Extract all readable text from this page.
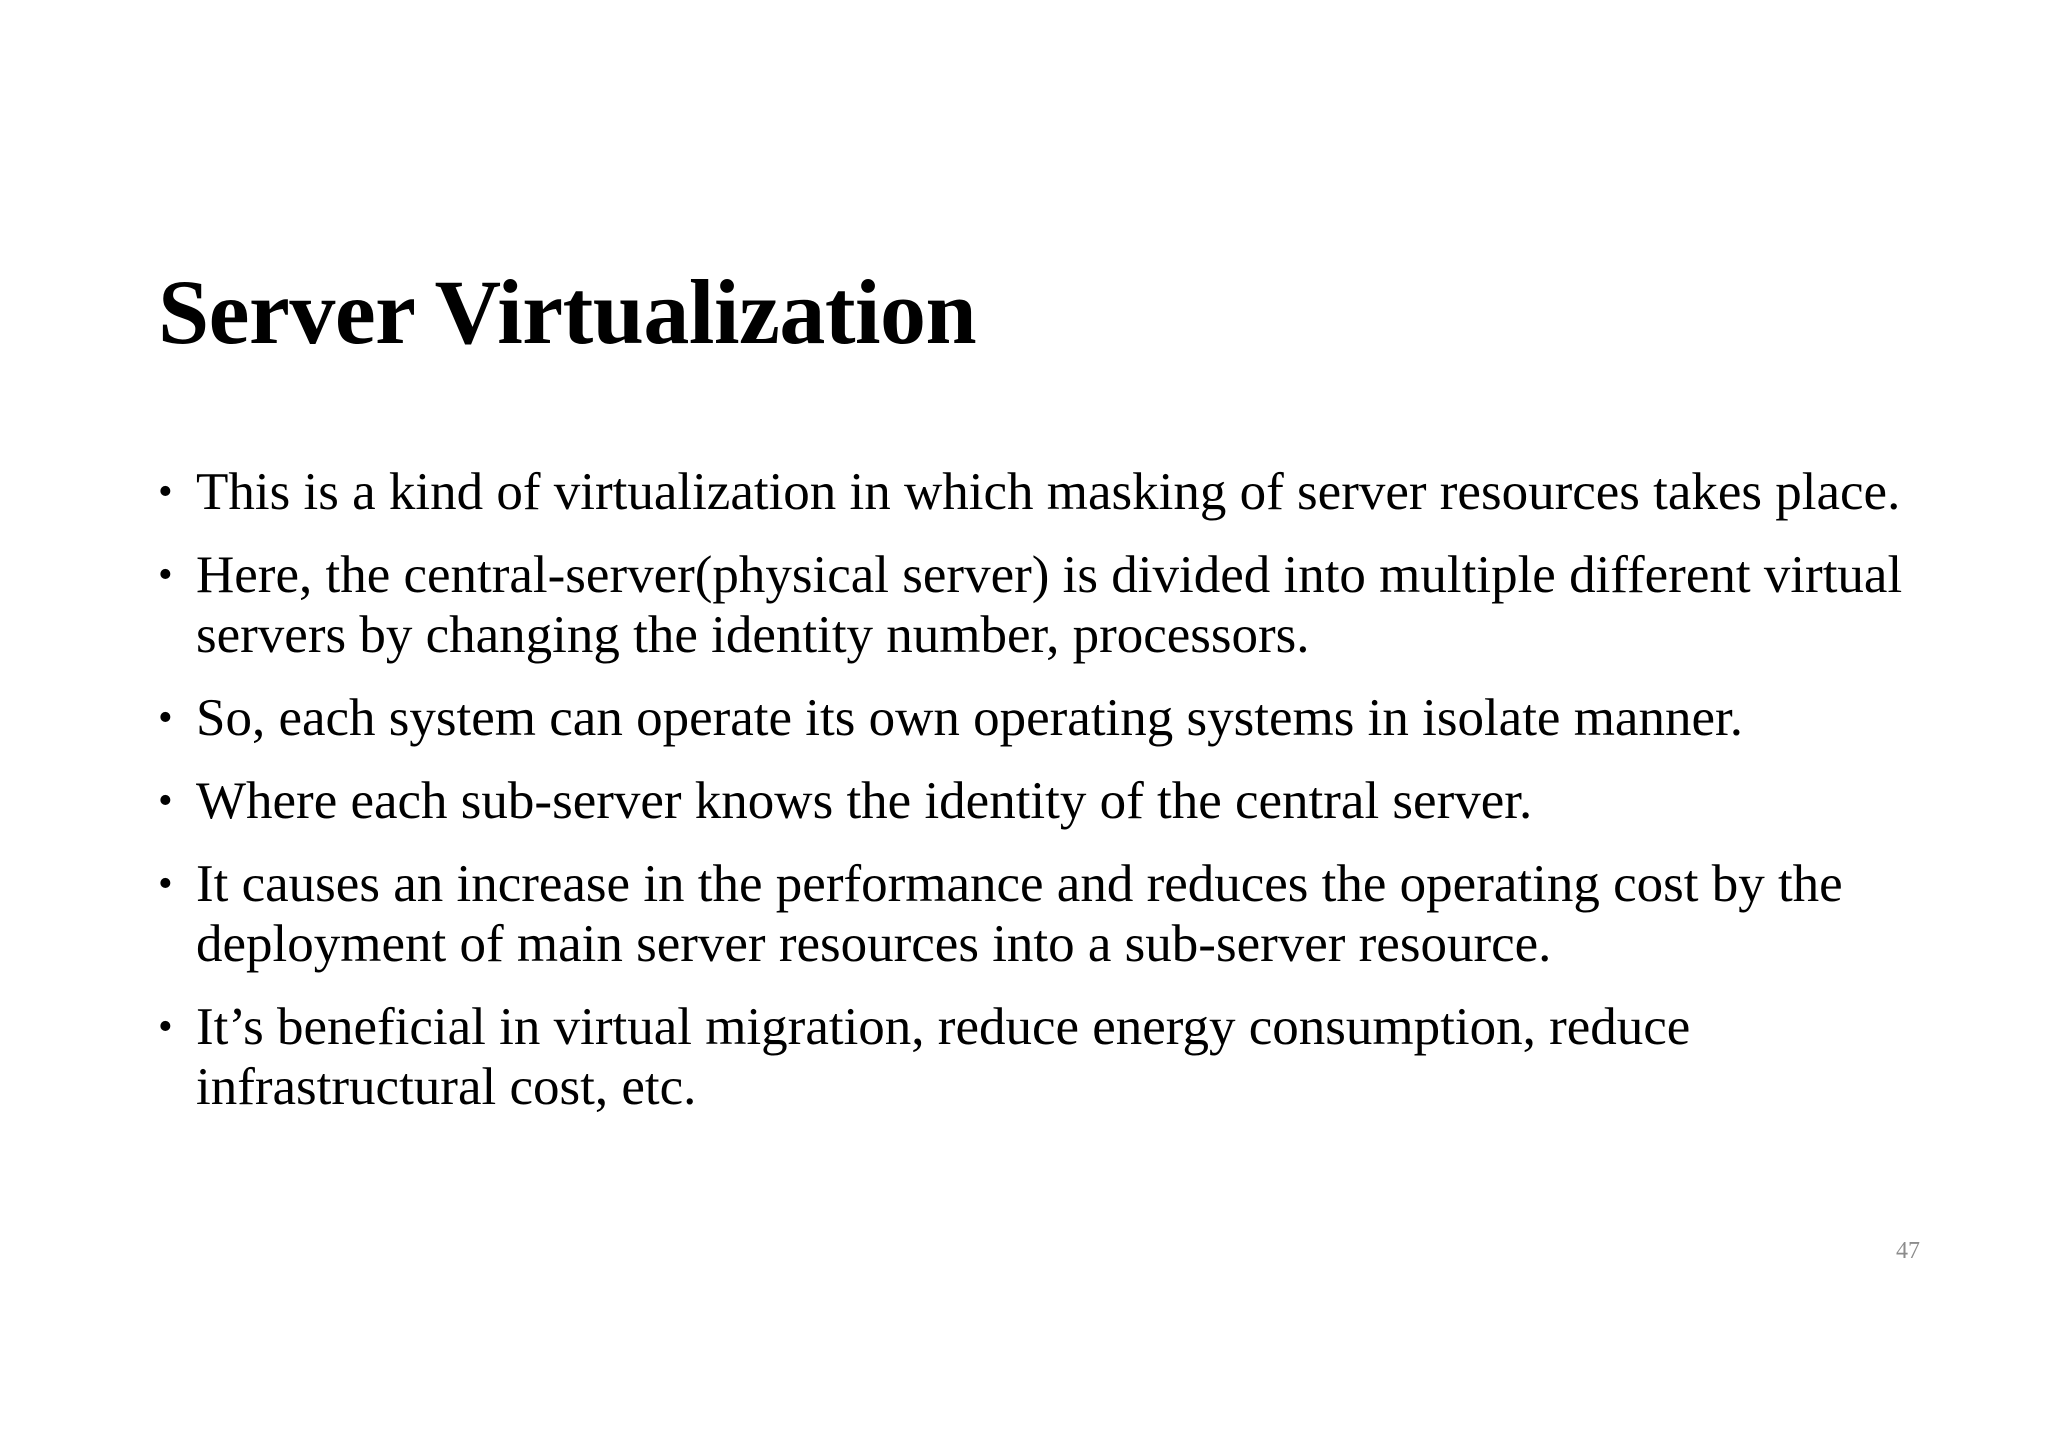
Server Virtualization
• This is a kind of virtualization in which masking of server resources takes place.
• Here, the central-server(physical server) is divided into multiple different virtual servers by changing the identity number, processors.
• So, each system can operate its own operating systems in isolate manner.
• Where each sub-server knows the identity of the central server.
• It causes an increase in the performance and reduces the operating cost by the deployment of main server resources into a sub-server resource.
• It’s beneficial in virtual migration, reduce energy consumption, reduce infrastructural cost, etc.
47
